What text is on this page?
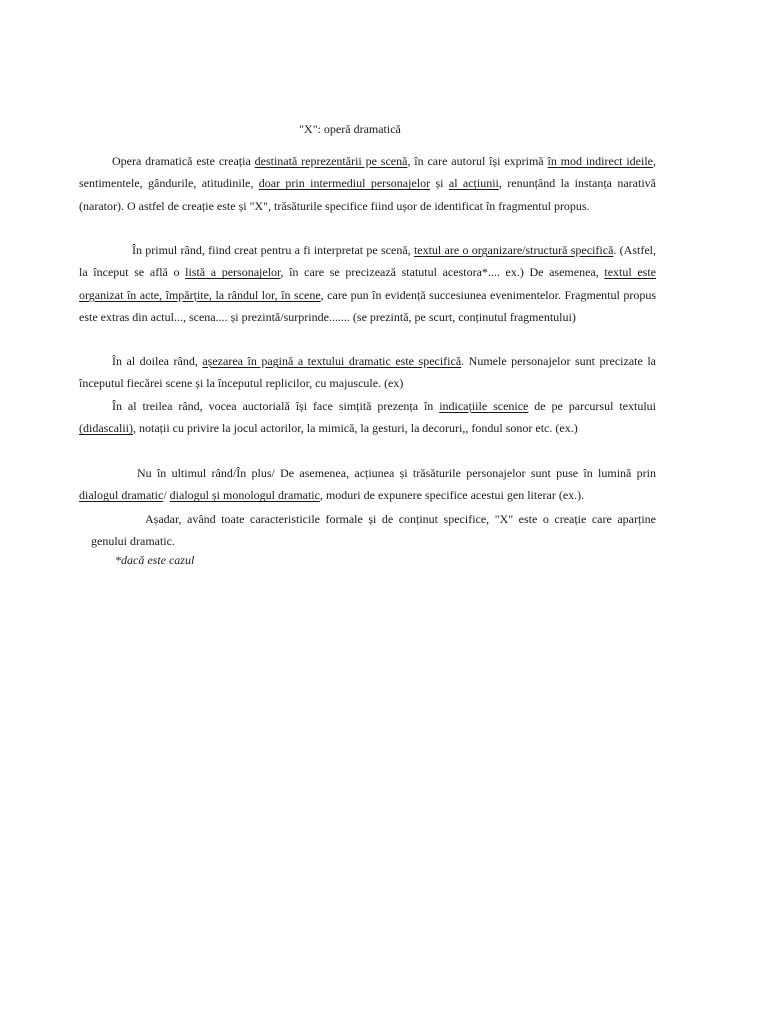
"X": operă dramatică

Opera dramatică este creația destinată reprezentării pe scenă, în care autorul își exprimă în mod indirect ideile, sentimentele, gândurile, atitudinile, doar prin intermediul personajelor și al acțiunii, renunțând la instanța narativă (narator). O astfel de creație este și "X", trăsăturile specifice fiind ușor de identificat în fragmentul propus.

În primul rând, fiind creat pentru a fi interpretat pe scenă, textul are o organizare/structură specifică. (Astfel, la început se află o listă a personajelor, în care se precizează statutul acestora*.... ex.) De asemenea, textul este organizat în acte, împărțite, la rândul lor, în scene, care pun în evidență succesiunea evenimentelor. Fragmentul propus este extras din actul..., scena.... și prezintă/surprinde....... (se prezintă, pe scurt, conținutul fragmentului)

În al doilea rând, așezarea în pagină a textului dramatic este specifică. Numele personajelor sunt precizate la începutul fiecărei scene și la începutul replicilor, cu majuscule. (ex)

În al treilea rând, vocea auctorială își face simțită prezența în indicațiile scenice de pe parcursul textului (didascalii), notații cu privire la jocul actorilor, la mimică, la gesturi, la decoruri,, fondul sonor etc. (ex.)

Nu în ultimul rând/În plus/ De asemenea, acțiunea și trăsăturile personajelor sunt puse în lumină prin dialogul dramatic/ dialogul și monologul dramatic, moduri de expunere specifice acestui gen literar (ex.).

Așadar, având toate caracteristicile formale și de conținut specifice, "X" este o creație care aparține genului dramatic.

*dacă este cazul
